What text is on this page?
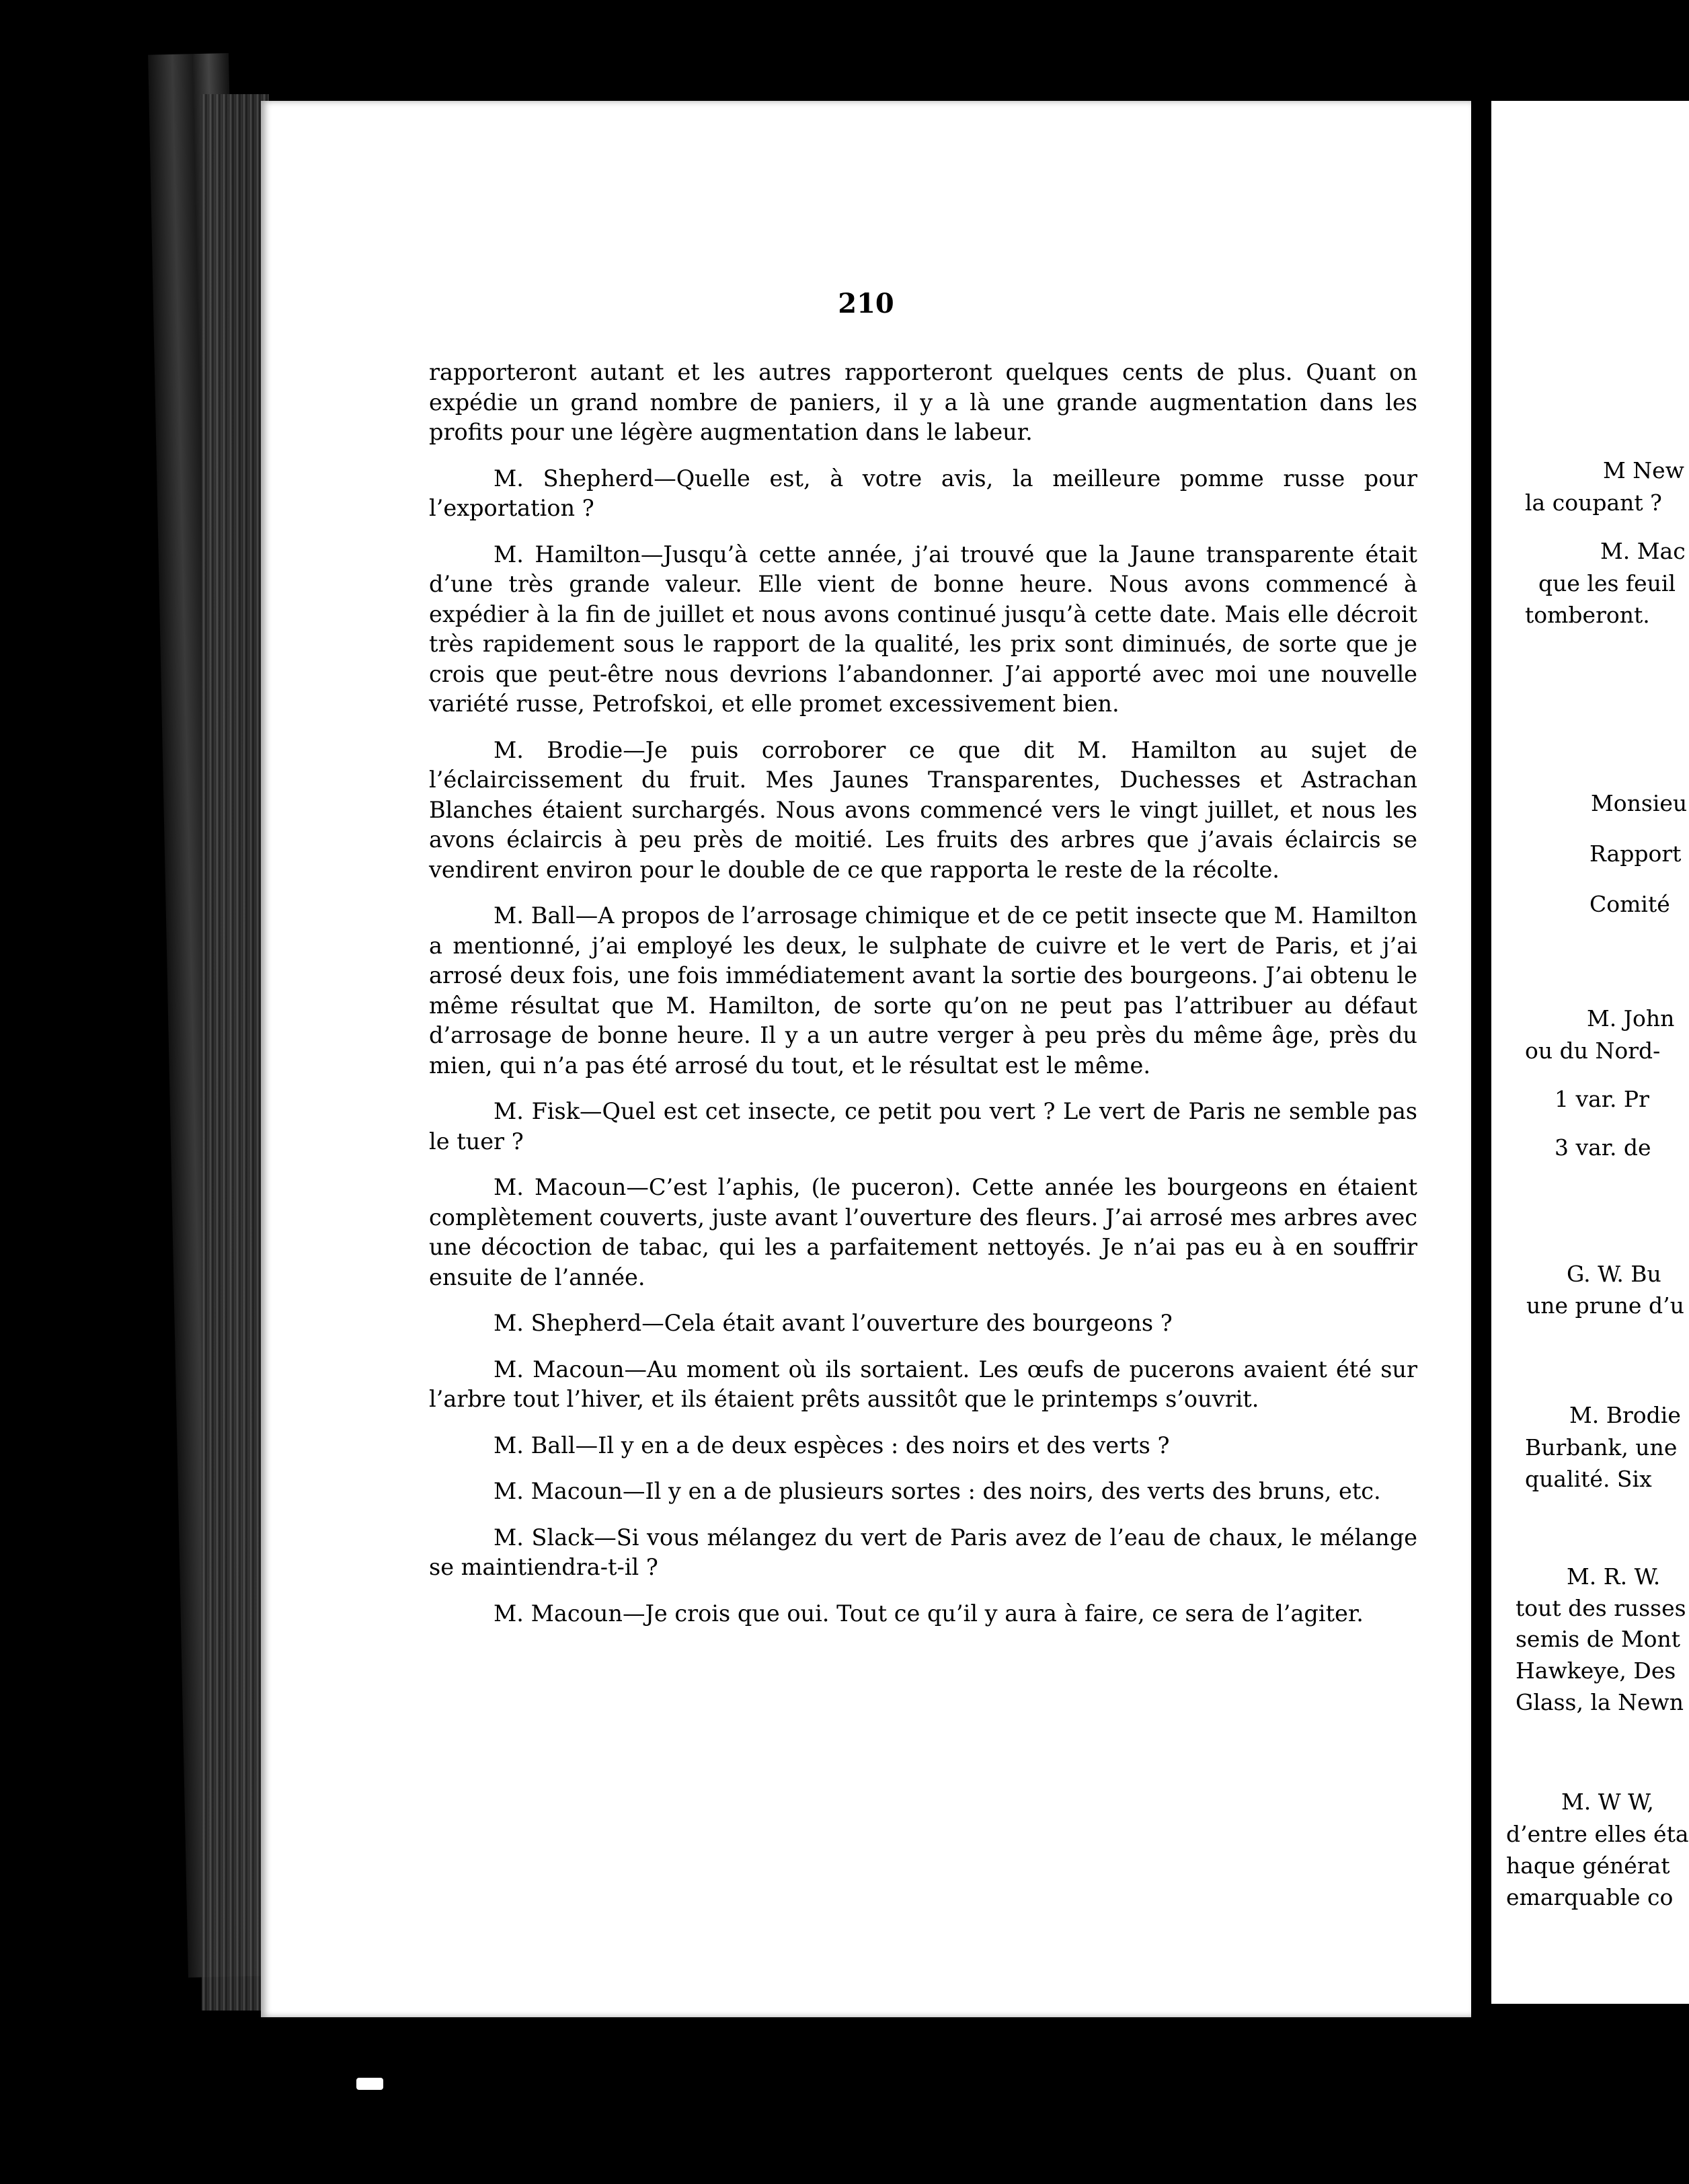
210

rapporteront autant et les autres rapporteront quelques cents de plus. Quant on expédie un grand nombre de paniers, il y a là une grande augmentation dans les profits pour une légère augmentation dans le labeur.

M. Shepherd—Quelle est, à votre avis, la meilleure pomme russe pour l’exportation ?

M. Hamilton—Jusqu’à cette année, j’ai trouvé que la Jaune transparente était d’une très grande valeur. Elle vient de bonne heure. Nous avons commencé à expédier à la fin de juillet et nous avons continué jusqu’à cette date. Mais elle décroit très rapidement sous le rapport de la qualité, les prix sont diminués, de sorte que je crois que peut-être nous devrions l’abandonner. J’ai apporté avec moi une nouvelle variété russe, Petrofskoi, et elle promet excessivement bien.

M. Brodie—Je puis corroborer ce que dit M. Hamilton au sujet de l’éclaircissement du fruit. Mes Jaunes Transparentes, Duchesses et Astrachan Blanches étaient surchargés. Nous avons commencé vers le vingt juillet, et nous les avons éclaircis à peu près de moitié. Les fruits des arbres que j’avais éclaircis se vendirent environ pour le double de ce que rapporta le reste de la récolte.

M. Ball—A propos de l’arrosage chimique et de ce petit insecte que M. Hamilton a mentionné, j’ai employé les deux, le sulphate de cuivre et le vert de Paris, et j’ai arrosé deux fois, une fois immédiatement avant la sortie des bourgeons. J’ai obtenu le même résultat que M. Hamilton, de sorte qu’on ne peut pas l’attribuer au défaut d’arrosage de bonne heure. Il y a un autre verger à peu près du même âge, près du mien, qui n’a pas été arrosé du tout, et le résultat est le même.

M. Fisk—Quel est cet insecte, ce petit pou vert ? Le vert de Paris ne semble pas le tuer ?

M. Macoun—C’est l’aphis, (le puceron). Cette année les bourgeons en étaient complètement couverts, juste avant l’ouverture des fleurs. J’ai arrosé mes arbres avec une décoction de tabac, qui les a parfaitement nettoyés. Je n’ai pas eu à en souffrir ensuite de l’année.

M. Shepherd—Cela était avant l’ouverture des bourgeons ?

M. Macoun—Au moment où ils sortaient. Les œufs de pucerons avaient été sur l’arbre tout l’hiver, et ils étaient prêts aussitôt que le printemps s’ouvrit.

M. Ball—Il y en a de deux espèces : des noirs et des verts ?

M. Macoun—Il y en a de plusieurs sortes : des noirs, des verts des bruns, etc.

M. Slack—Si vous mélangez du vert de Paris avez de l’eau de chaux, le mélange se maintiendra-t-il ?

M. Macoun—Je crois que oui. Tout ce qu’il y aura à faire, ce sera de l’agiter.

M New
la coupant ?
M. Mac
que les feuil
tomberont.
Monsieu
Rapport
Comité
M. John
ou du Nord-
1 var. Pr
3 var. de
G. W. Bu
une prune d’u
M. Brodie
Burbank, une
qualité. Six
M. R. W.
tout des russes
semis de Mont
Hawkeye, Des
Glass, la Newn
M. W W,
d’entre elles éta
haque générat
emarquable co
